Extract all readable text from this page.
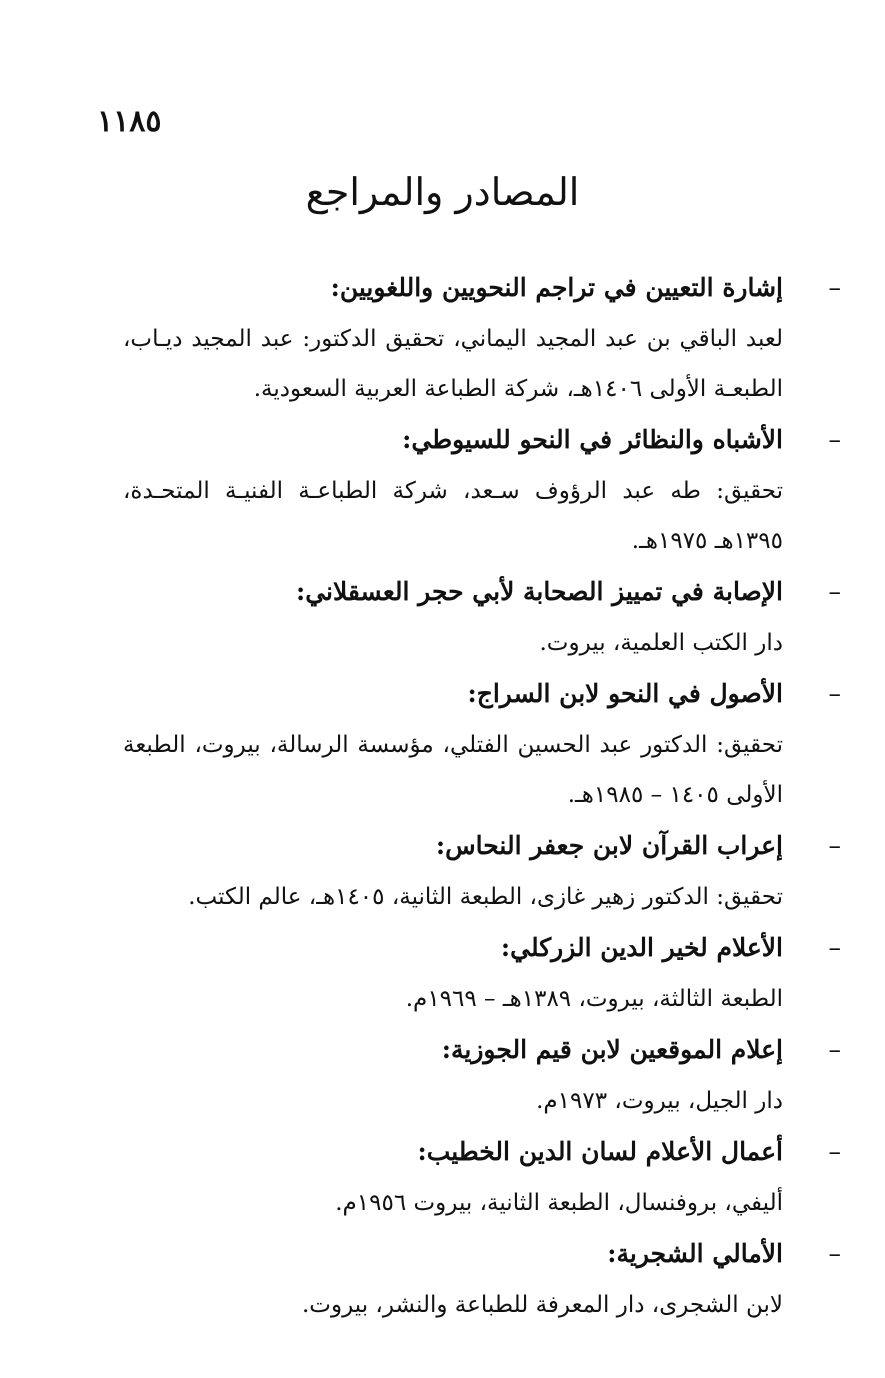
١١٨٥
المصادر والمراجع
–
إشارة التعيين في تراجم النحويين واللغويين:
لعبد الباقي بن عبد المجيد اليماني، تحقيق الدكتور: عبد المجيد ديـاب، الطبعـة الأولى ١٤٠٦هـ، شركة الطباعة العربية السعودية.
–
الأشباه والنظائر في النحو للسيوطي:
تحقيق: طه عبد الرؤوف سـعد، شركة الطباعـة الفنيـة المتحـدة، ١٣٩٥هـ ١٩٧٥هـ.
–
الإصابة في تمييز الصحابة لأبي حجر العسقلاني:
دار الكتب العلمية، بيروت.
–
الأصول في النحو لابن السراج:
تحقيق: الدكتور عبد الحسين الفتلي، مؤسسة الرسالة، بيروت، الطبعة الأولى ١٤٠٥ – ١٩٨٥هـ.
–
إعراب القرآن لابن جعفر النحاس:
تحقيق: الدكتور زهير غازى، الطبعة الثانية، ١٤٠٥هـ، عالم الكتب.
–
الأعلام لخير الدين الزركلي:
الطبعة الثالثة، بيروت، ١٣٨٩هـ – ١٩٦٩م.
–
إعلام الموقعين لابن قيم الجوزية:
دار الجيل، بيروت، ١٩٧٣م.
–
أعمال الأعلام لسان الدين الخطيب:
أليفي، بروفنسال، الطبعة الثانية، بيروت ١٩٥٦م.
–
الأمالي الشجرية:
لابن الشجرى، دار المعرفة للطباعة والنشر، بيروت.
